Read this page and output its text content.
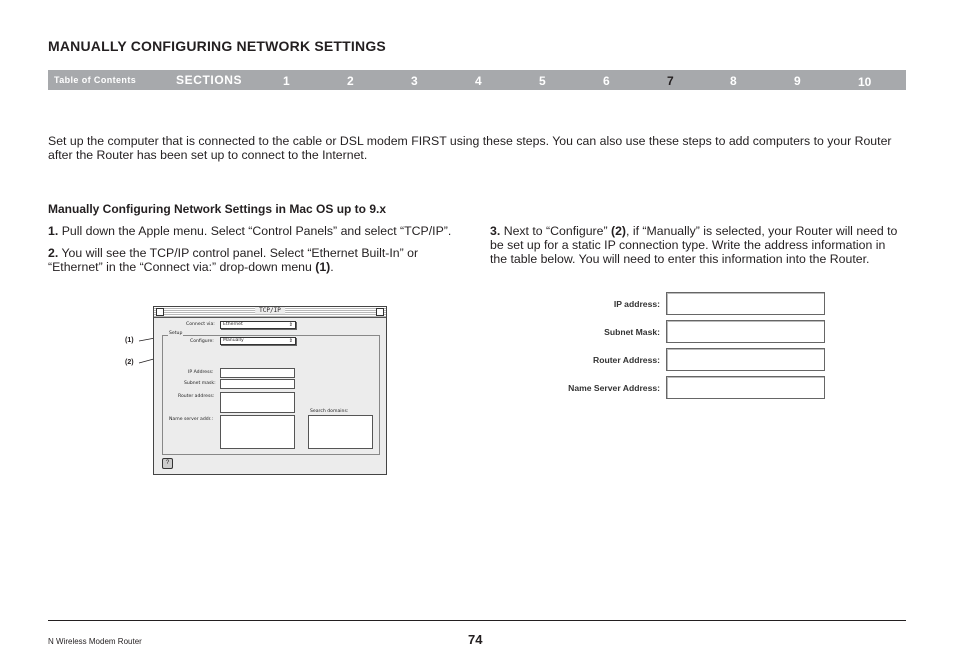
MANUALLY CONFIGURING NETWORK SETTINGS
Table of Contents	SECTIONS	1	2	3	4	5	6	7	8	9	10
Set up the computer that is connected to the cable or DSL modem FIRST using these steps. You can also use these steps to add computers to your Router after the Router has been set up to connect to the Internet.
Manually Configuring Network Settings in Mac OS up to 9.x
1. Pull down the Apple menu. Select “Control Panels” and select “TCP/IP”.
2. You will see the TCP/IP control panel. Select “Ethernet Built-In” or “Ethernet” in the “Connect via:” drop-down menu (1).
3. Next to “Configure” (2), if “Manually” is selected, your Router will need to be set up for a static IP connection type. Write the address information in the table below. You will need to enter this information into the Router.
(1)
(2)
TCP/IP
Connect via:	Ethernet	⇕
Setup
Configure:	Manually	⇕
IP Address:
Subnet mask:
Router address:
Name server addr.:
Search domains:
?
IP address:
Subnet Mask:
Router Address:
Name Server Address:
N Wireless Modem Router	74
